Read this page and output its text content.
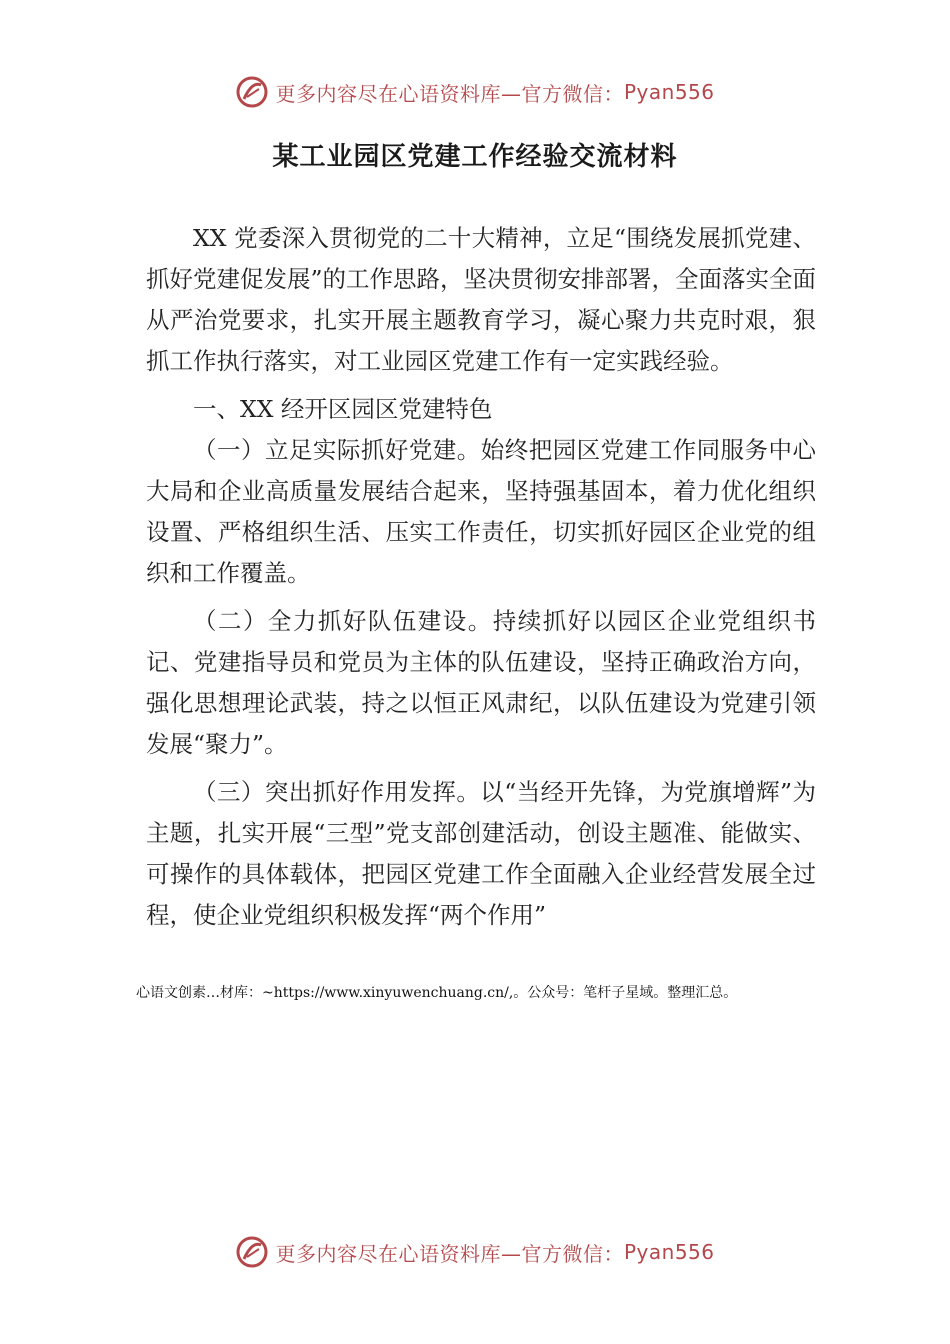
更多内容尽在心语资料库—官方微信： Pyan556
某工业园区党建工作经验交流材料

XX 党委深入贯彻党的二十大精神，立足“围绕发展抓党建、抓好党建促发展”的工作思路，坚决贯彻安排部署，全面落实全面从严治党要求，扎实开展主题教育学习，凝心聚力共克时艰，狠抓工作执行落实，对工业园区党建工作有一定实践经验。

一、XX 经开区园区党建特色

（一）立足实际抓好党建。始终把园区党建工作同服务中心大局和企业高质量发展结合起来，坚持强基固本，着力优化组织设置、严格组织生活、压实工作责任，切实抓好园区企业党的组织和工作覆盖。

（二）全力抓好队伍建设。持续抓好以园区企业党组织书记、党建指导员和党员为主体的队伍建设，坚持正确政治方向，强化思想理论武装，持之以恒正风肃纪，以队伍建设为党建引领发展“聚力”。

（三）突出抓好作用发挥。以“当经开先锋，为党旗增辉”为主题，扎实开展“三型”党支部创建活动，创设主题准、能做实、可操作的具体载体，把园区党建工作全面融入企业经营发展全过程，使企业党组织积极发挥“两个作用”

心语文创素…材库：~https://www.xinyuwenchuang.cn/,。公众号：笔杆子星域。整理汇总。
更多内容尽在心语资料库—官方微信： Pyan556
